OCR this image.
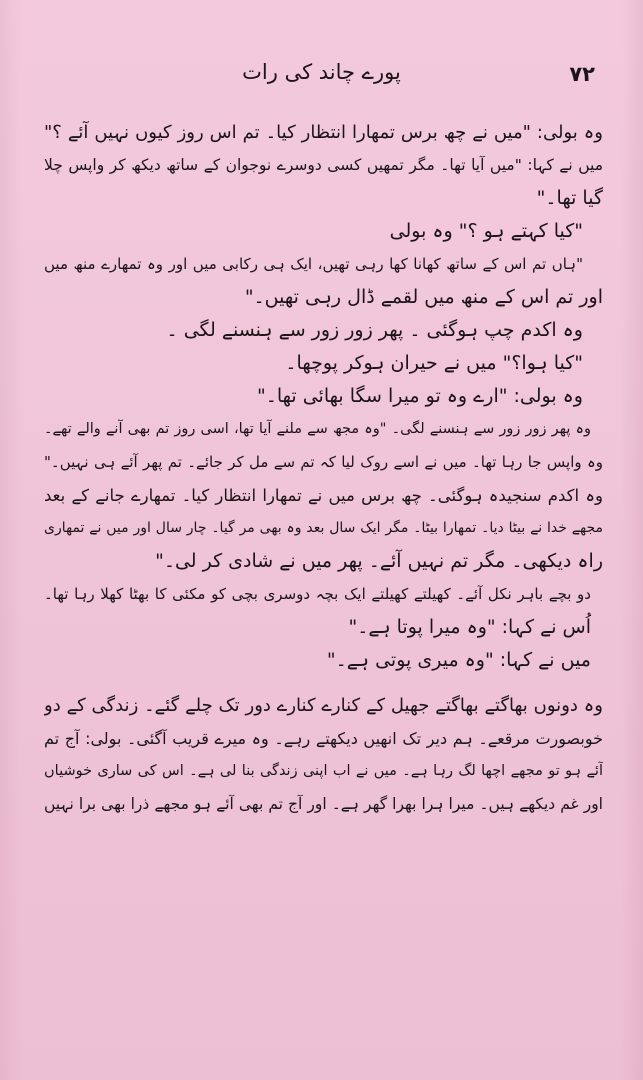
۷۲
پورے چاند کی رات
وہ بولی: "میں نے چھ برس تمھارا انتظار کیا۔ تم اس روز کیوں نہیں آئے ؟"
میں نے کہا: "میں آیا تھا۔ مگر تمھیں کسی دوسرے نوجوان کے ساتھ دیکھ کر واپس چلا
گیا تھا۔"
"کیا کہتے ہو ؟" وہ بولی
"ہاں تم اس کے ساتھ کھانا کھا رہی تھیں، ایک ہی رکابی میں اور وہ تمھارے منھ میں
اور تم اس کے منھ میں لقمے ڈال رہی تھیں۔"
وہ اکدم چپ ہوگئی ۔ پھر زور زور سے ہنسنے لگی ۔
"کیا ہوا؟" میں نے حیران ہوکر پوچھا۔
وہ بولی: "ارے وہ تو میرا سگا بھائی تھا۔"
وہ پھر زور زور سے ہنسنے لگی۔ "وہ مجھ سے ملنے آیا تھا، اسی روز تم بھی آنے والے تھے۔
وہ واپس جا رہا تھا۔ میں نے اسے روک لیا کہ تم سے مل کر جائے۔ تم پھر آئے ہی نہیں۔"
وہ اکدم سنجیدہ ہوگئی۔ چھ برس میں نے تمھارا انتظار کیا۔ تمھارے جانے کے بعد
مجھے خدا نے بیٹا دیا۔ تمھارا بیٹا۔ مگر ایک سال بعد وہ بھی مر گیا۔ چار سال اور میں نے تمھاری
راہ دیکھی۔ مگر تم نہیں آئے۔ پھر میں نے شادی کر لی۔"
دو بچے باہر نکل آئے۔ کھیلتے کھیلتے ایک بچہ دوسری بچی کو مکئی کا بھٹا کھلا رہا تھا۔
اُس نے کہا: "وہ میرا پوتا ہے۔"
میں نے کہا: "وہ میری پوتی ہے۔"
وہ دونوں بھاگتے بھاگتے جھیل کے کنارے کنارے دور تک چلے گئے۔ زندگی کے دو
خوبصورت مرقعے۔ ہم دیر تک انھیں دیکھتے رہے۔ وہ میرے قریب آگئی۔ بولی: آج تم
آئے ہو تو مجھے اچھا لگ رہا ہے۔ میں نے اب اپنی زندگی بنا لی ہے۔ اس کی ساری خوشیاں
اور غم دیکھے ہیں۔ میرا ہرا بھرا گھر ہے۔ اور آج تم بھی آئے ہو مجھے ذرا بھی برا نہیں
